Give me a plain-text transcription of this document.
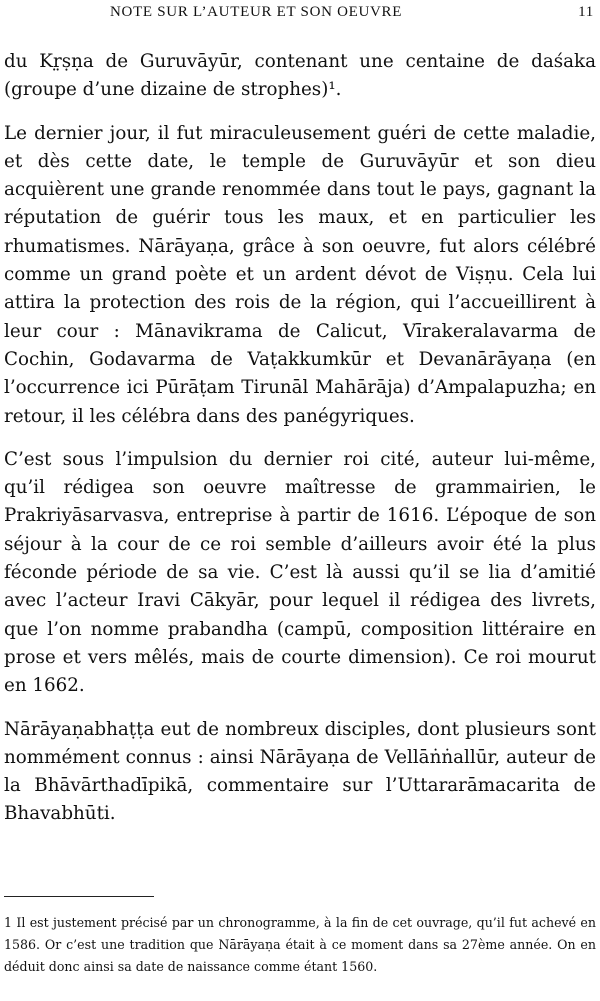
NOTE SUR L’AUTEUR ET SON OEUVRE	11

du Kr̤ṣṇa de Guruvāyūr, contenant une centaine de daśaka (groupe d’une dizaine de strophes)¹.

Le dernier jour, il fut miraculeusement guéri de cette maladie, et dès cette date, le temple de Guruvāyūr et son dieu acquièrent une grande renommée dans tout le pays, gagnant la réputation de guérir tous les maux, et en particulier les rhumatismes. Nārāyaṇa, grâce à son oeuvre, fut alors célébré comme un grand poète et un ardent dévot de Viṣṇu. Cela lui attira la protection des rois de la région, qui l’accueillirent à leur cour : Mānavikrama de Calicut, Vīrakeralavarma de Cochin, Godavarma de Vaṭakkumkūr et Devanārāyaṇa (en l’occurrence ici Pūrāṭam Tirunāl Mahārāja) d’Ampalapuzha; en retour, il les célébra dans des panégyriques.

C’est sous l’impulsion du dernier roi cité, auteur lui-même, qu’il rédigea son oeuvre maîtresse de grammairien, le Prakriyāsarvasva, entreprise à partir de 1616. L’époque de son séjour à la cour de ce roi semble d’ailleurs avoir été la plus féconde période de sa vie. C’est là aussi qu’il se lia d’amitié avec l’acteur Iravi Cākyār, pour lequel il rédigea des livrets, que l’on nomme prabandha (campū, composition littéraire en prose et vers mêlés, mais de courte dimension). Ce roi mourut en 1662.

Nārāyaṇabhaṭṭa eut de nombreux disciples, dont plusieurs sont nommément connus : ainsi Nārāyaṇa de Vellāṅṅallūr, auteur de la Bhāvārthadīpikā, commentaire sur l’Uttararāmacarita de Bhavabhūti.

1 Il est justement précisé par un chronogramme, à la fin de cet ouvrage, qu’il fut achevé en 1586. Or c’est une tradition que Nārāyaṇa était à ce moment dans sa 27ème année. On en déduit donc ainsi sa date de naissance comme étant 1560.
